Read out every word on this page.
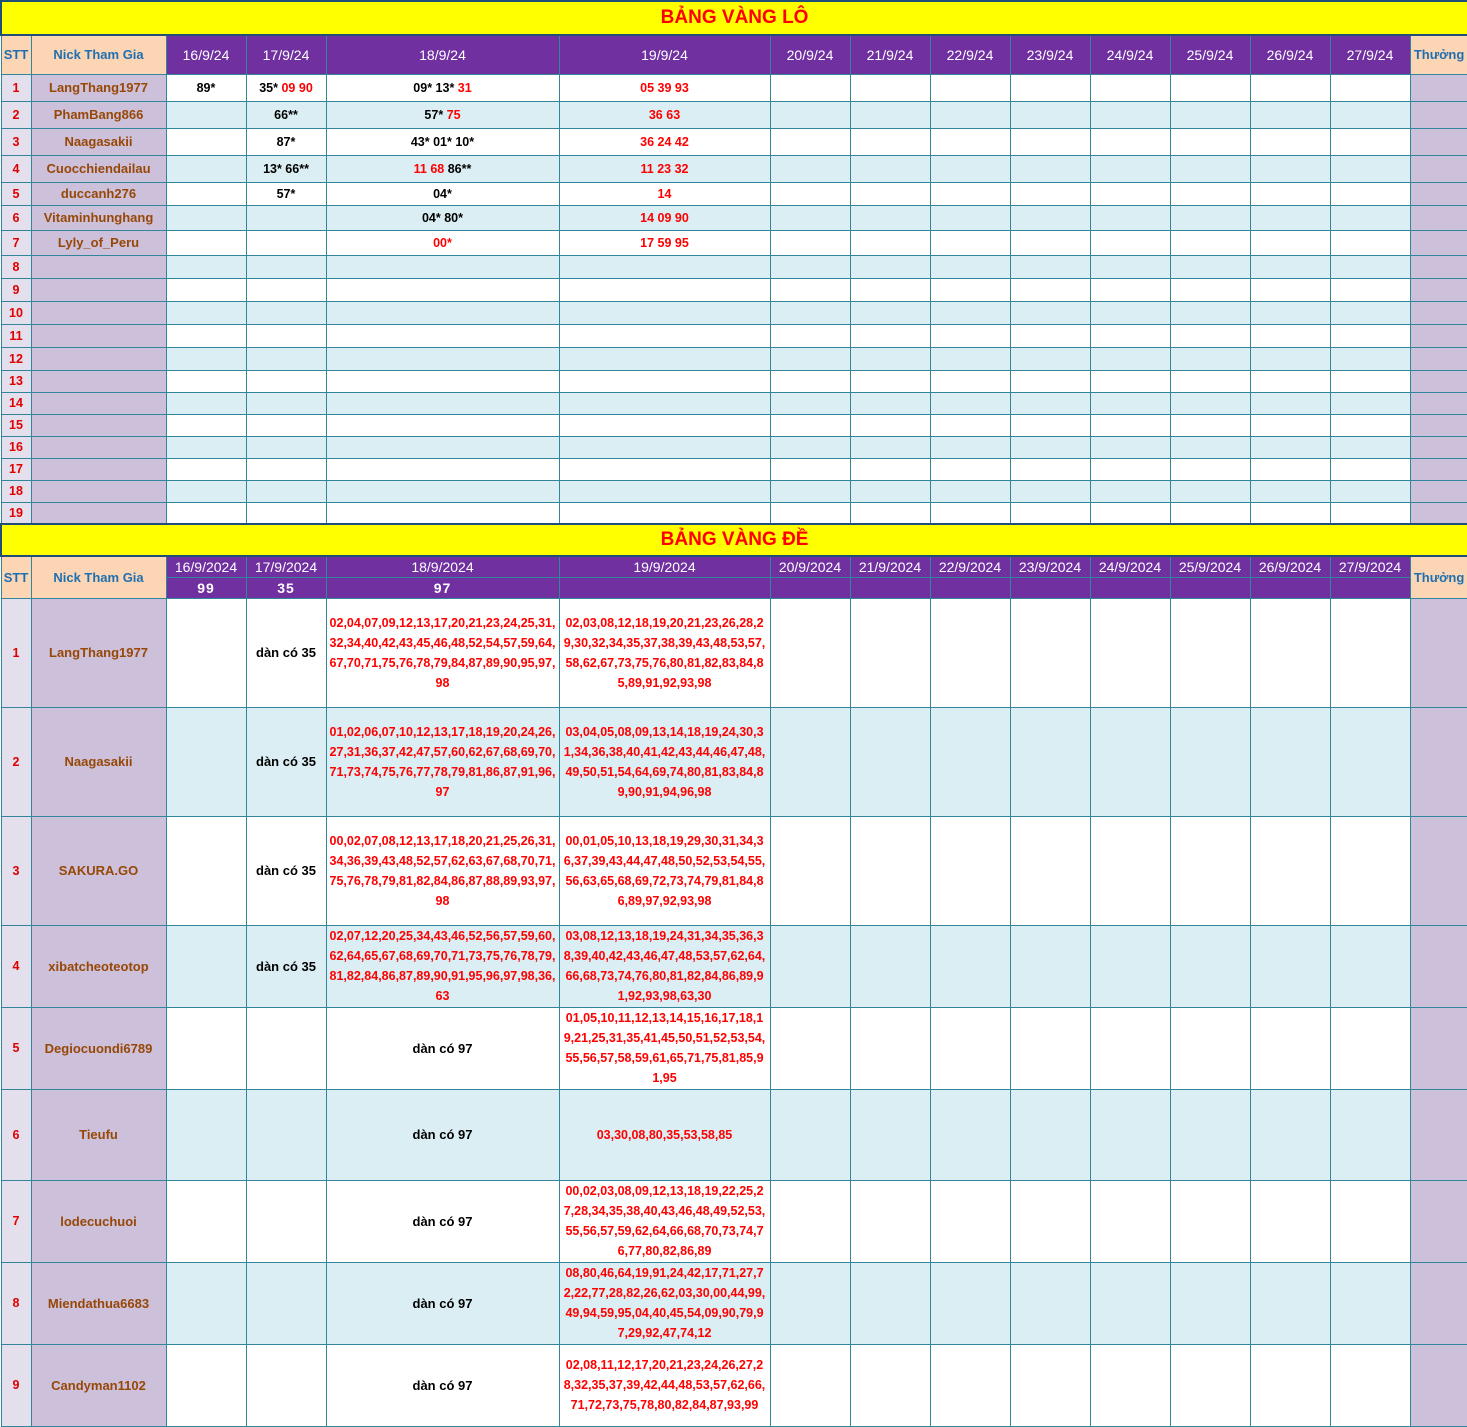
BẢNG VÀNG LÔ														
STT	Nick Tham Gia	16/9/24	17/9/24	18/9/24	19/9/24	20/9/24	21/9/24	22/9/24	23/9/24	24/9/24	25/9/24	26/9/24	27/9/24	Thưởng
1	LangThang1977	89*	35* 09 90	09* 13* 31	05 39 93									
2	PhamBang866		66**	57* 75	36 63									
3	Naagasakii		87*	43* 01* 10*	36 24 42									
4	Cuocchiendailau		13* 66**	11 68 86**	11 23 32									
5	duccanh276		57*	04*	14									
6	Vitaminhunghang			04* 80*	14 09 90									
7	Lyly_of_Peru			00*	17 59 95									
8														
9														
10														
11														
12														
13														
14														
15														
16														
17														
18														
19														
BẢNG VÀNG ĐỀ														
STT	Nick Tham Gia	16/9/2024	17/9/2024	18/9/2024	19/9/2024	20/9/2024	21/9/2024	22/9/2024	23/9/2024	24/9/2024	25/9/2024	26/9/2024	27/9/2024	Thưởng
		99	35	97										
1	LangThang1977		dàn có 35	02,04,07,09,12,13,17,20,21,23,24,25,31,32,34,40,42,43,45,46,48,52,54,57,59,64,67,70,71,75,76,78,79,84,87,89,90,95,97,98	02,03,08,12,18,19,20,21,23,26,28,29,30,32,34,35,37,38,39,43,48,53,57,58,62,67,73,75,76,80,81,82,83,84,85,89,91,92,93,98									
2	Naagasakii		dàn có 35	01,02,06,07,10,12,13,17,18,19,20,24,26,27,31,36,37,42,47,57,60,62,67,68,69,70,71,73,74,75,76,77,78,79,81,86,87,91,96,97	03,04,05,08,09,13,14,18,19,24,30,31,34,36,38,40,41,42,43,44,46,47,48,49,50,51,54,64,69,74,80,81,83,84,89,90,91,94,96,98									
3	SAKURA.GO		dàn có 35	00,02,07,08,12,13,17,18,20,21,25,26,31,34,36,39,43,48,52,57,62,63,67,68,70,71,75,76,78,79,81,82,84,86,87,88,89,93,97,98	00,01,05,10,13,18,19,29,30,31,34,36,37,39,43,44,47,48,50,52,53,54,55,56,63,65,68,69,72,73,74,79,81,84,86,89,97,92,93,98									
4	xibatcheoteotop		dàn có 35	02,07,12,20,25,34,43,46,52,56,57,59,60,62,64,65,67,68,69,70,71,73,75,76,78,79,81,82,84,86,87,89,90,91,95,96,97,98,36,63	03,08,12,13,18,19,24,31,34,35,36,38,39,40,42,43,46,47,48,53,57,62,64,66,68,73,74,76,80,81,82,84,86,89,91,92,93,98,63,30									
5	Degiocuondi6789			dàn có 97	01,05,10,11,12,13,14,15,16,17,18,19,21,25,31,35,41,45,50,51,52,53,54,55,56,57,58,59,61,65,71,75,81,85,91,95									
6	Tieufu			dàn có 97	03,30,08,80,35,53,58,85									
7	lodecuchuoi			dàn có 97	00,02,03,08,09,12,13,18,19,22,25,27,28,34,35,38,40,43,46,48,49,52,53,55,56,57,59,62,64,66,68,70,73,74,76,77,80,82,86,89									
8	Miendathua6683			dàn có 97	08,80,46,64,19,91,24,42,17,71,27,72,22,77,28,82,26,62,03,30,00,44,99,49,94,59,95,04,40,45,54,09,90,79,97,29,92,47,74,12									
9	Candyman1102			dàn có 97	02,08,11,12,17,20,21,23,24,26,27,28,32,35,37,39,42,44,48,53,57,62,66,71,72,73,75,78,80,82,84,87,93,99									
